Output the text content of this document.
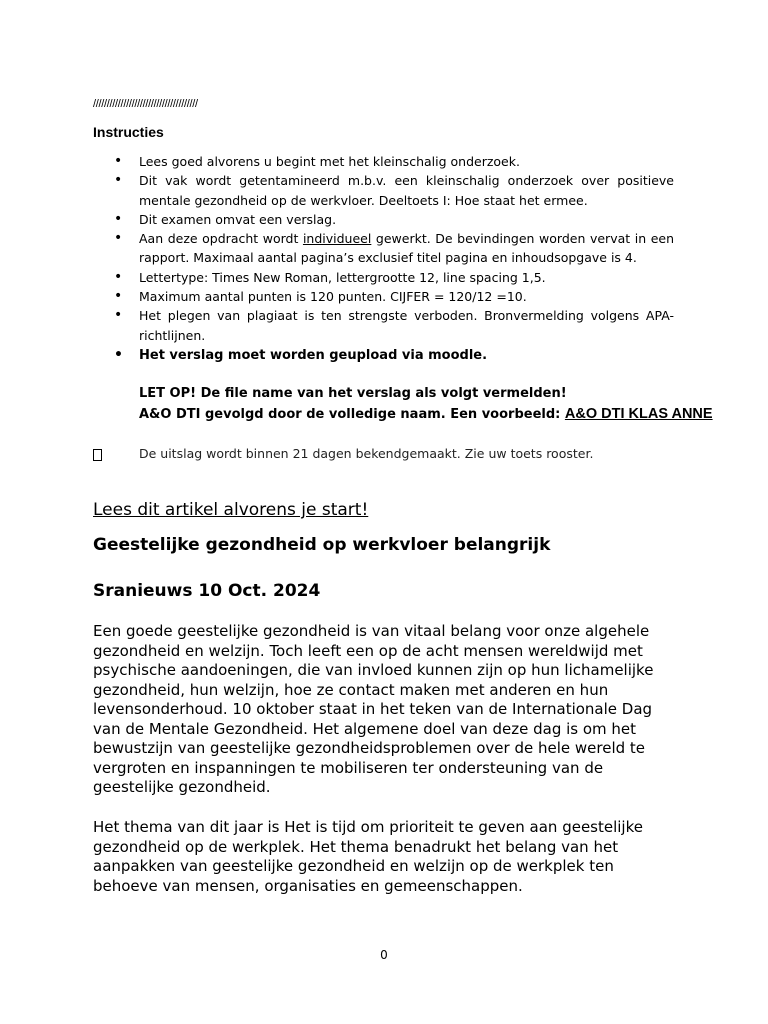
//////////////////////////////////////
Instructies
• Lees goed alvorens u begint met het kleinschalig onderzoek.
• Dit vak wordt getentamineerd m.b.v. een kleinschalig onderzoek over positieve mentale gezondheid op de werkvloer. Deeltoets I: Hoe staat het ermee.
• Dit examen omvat een verslag.
• Aan deze opdracht wordt individueel gewerkt. De bevindingen worden vervat in een rapport. Maximaal aantal pagina’s exclusief titel pagina en inhoudsopgave is 4.
• Lettertype: Times New Roman, lettergrootte 12, line spacing 1,5.
• Maximum aantal punten is 120 punten. CIJFER = 120/12 =10.
• Het plegen van plagiaat is ten strengste verboden. Bronvermelding volgens APA-richtlijnen.
• Het verslag moet worden geupload via moodle.
LET OP! De file name van het verslag als volgt vermelden!
A&O DTI gevolgd door de volledige naam. Een voorbeeld: A&O DTI KLAS ANNE
De uitslag wordt binnen 21 dagen bekendgemaakt. Zie uw toets rooster.
Lees dit artikel alvorens je start!
Geestelijke gezondheid op werkvloer belangrijk
Sranieuws 10 Oct. 2024
Een goede geestelijke gezondheid is van vitaal belang voor onze algehele gezondheid en welzijn. Toch leeft een op de acht mensen wereldwijd met psychische aandoeningen, die van invloed kunnen zijn op hun lichamelijke gezondheid, hun welzijn, hoe ze contact maken met anderen en hun levensonderhoud. 10 oktober staat in het teken van de Internationale Dag van de Mentale Gezondheid. Het algemene doel van deze dag is om het bewustzijn van geestelijke gezondheidsproblemen over de hele wereld te vergroten en inspanningen te mobiliseren ter ondersteuning van de geestelijke gezondheid.
Het thema van dit jaar is Het is tijd om prioriteit te geven aan geestelijke gezondheid op de werkplek. Het thema benadrukt het belang van het aanpakken van geestelijke gezondheid en welzijn op de werkplek ten behoeve van mensen, organisaties en gemeenschappen.
0
